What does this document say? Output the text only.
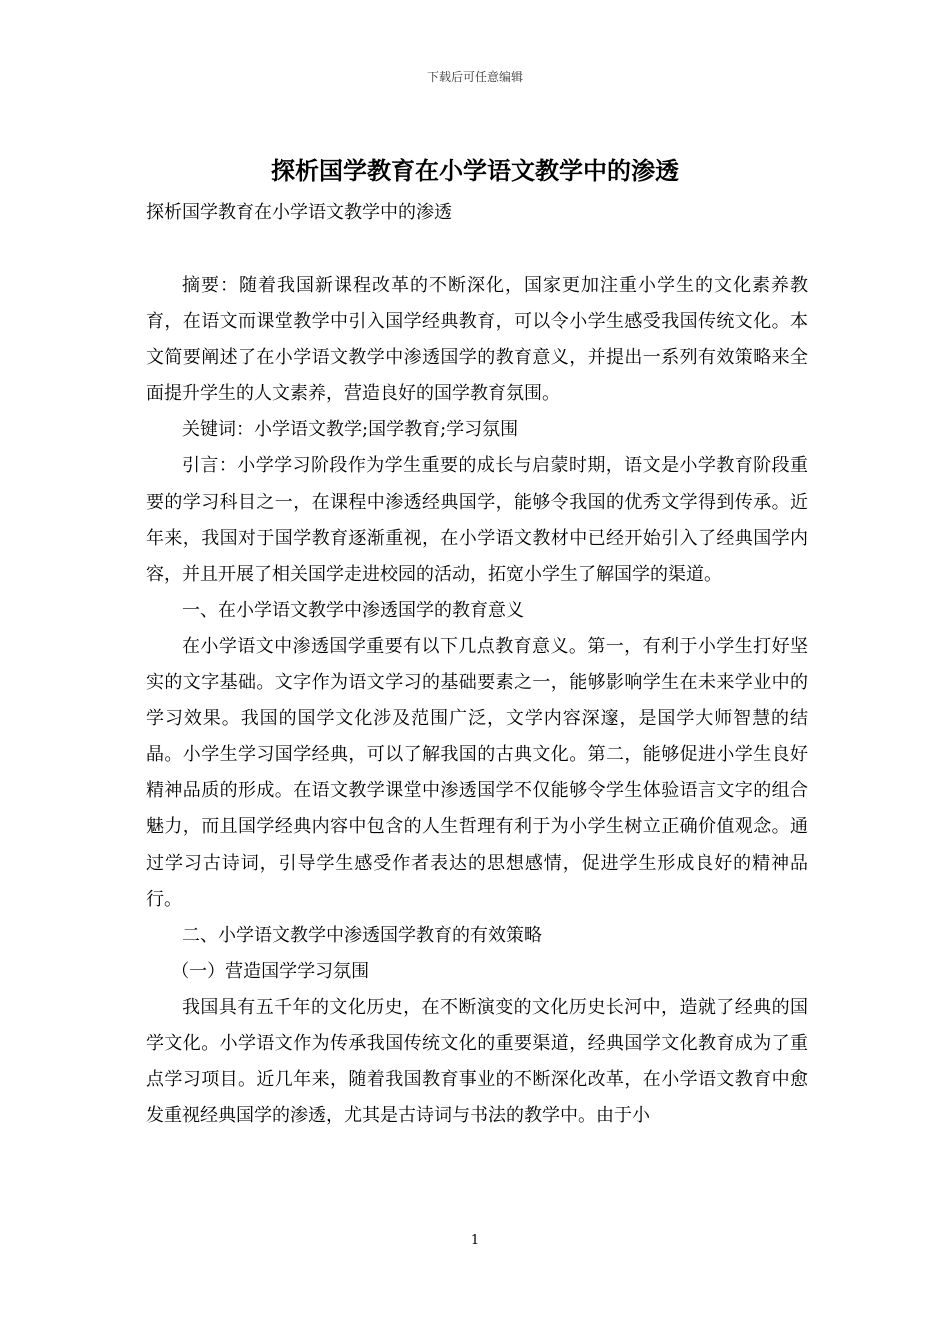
下载后可任意编辑
探析国学教育在小学语文教学中的渗透
探析国学教育在小学语文教学中的渗透

摘要：随着我国新课程改革的不断深化，国家更加注重小学生的文化素养教育，在语文而课堂教学中引入国学经典教育，可以令小学生感受我国传统文化。本文简要阐述了在小学语文教学中渗透国学的教育意义，并提出一系列有效策略来全面提升学生的人文素养，营造良好的国学教育氛围。

关键词：小学语文教学;国学教育;学习氛围

引言：小学学习阶段作为学生重要的成长与启蒙时期，语文是小学教育阶段重要的学习科目之一，在课程中渗透经典国学，能够令我国的优秀文学得到传承。近年来，我国对于国学教育逐渐重视，在小学语文教材中已经开始引入了经典国学内容，并且开展了相关国学走进校园的活动，拓宽小学生了解国学的渠道。

一、在小学语文教学中渗透国学的教育意义

在小学语文中渗透国学重要有以下几点教育意义。第一，有利于小学生打好坚实的文字基础。文字作为语文学习的基础要素之一，能够影响学生在未来学业中的学习效果。我国的国学文化涉及范围广泛，文学内容深邃，是国学大师智慧的结晶。小学生学习国学经典，可以了解我国的古典文化。第二，能够促进小学生良好精神品质的形成。在语文教学课堂中渗透国学不仅能够令学生体验语言文字的组合魅力，而且国学经典内容中包含的人生哲理有利于为小学生树立正确价值观念。通过学习古诗词，引导学生感受作者表达的思想感情，促进学生形成良好的精神品行。

二、小学语文教学中渗透国学教育的有效策略

（一）营造国学学习氛围

我国具有五千年的文化历史，在不断演变的文化历史长河中，造就了经典的国学文化。小学语文作为传承我国传统文化的重要渠道，经典国学文化教育成为了重点学习项目。近几年来，随着我国教育事业的不断深化改革，在小学语文教育中愈发重视经典国学的渗透，尤其是古诗词与书法的教学中。由于小

1
